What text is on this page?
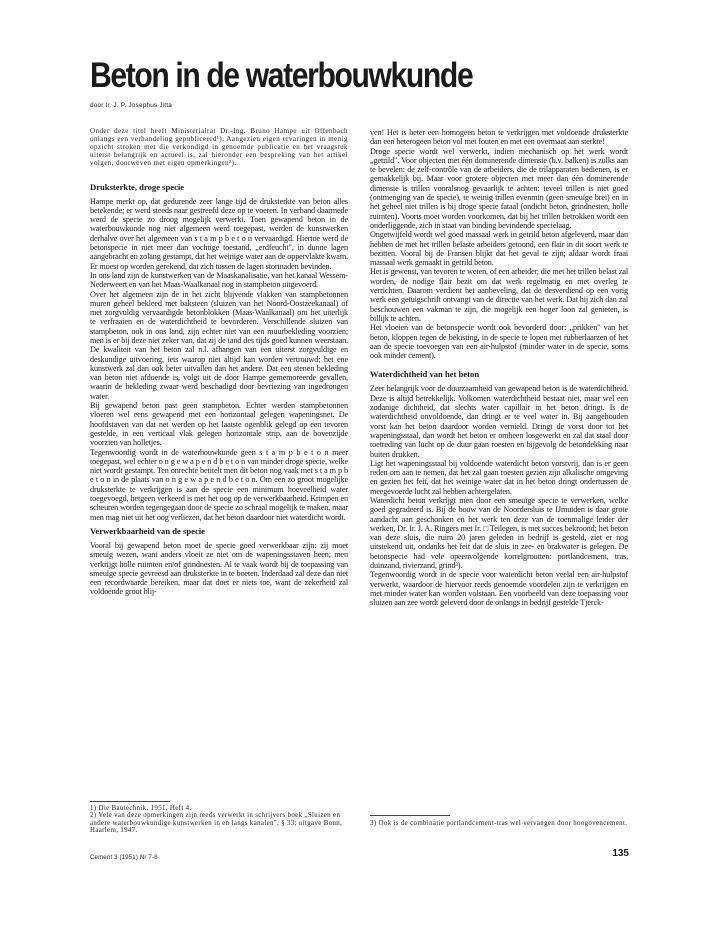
Beton in de waterbouwkunde
door Ir. J. P. Josephus Jitta

Onder deze titel heeft Ministerialrat Dr.-Ing. Bruno Hampe uit Offenbach onlangs een verhandeling gepubliceerd¹). Aangezien eigen ervaringen in menig opzicht stroken met die verkondigd in genoemde publicatie en het vraagstuk uiterst belangrijk en actueel is, zal hieronder een bespreking van het artikel volgen, doorweven met eigen opmerkingen²).

Druksterkte, droge specie

Hampe merkt op, dat gedurende zeer lange tijd de druksterkte van beton alles betekende; er werd steeds naar gestreefd deze op te voeren. In verband daarmede werd de specie zo droog mogelijk verwerkt. Toen gewapend beton in de waterbouwkunde nog niet algemeen werd toegepast, werden de kunstwerken derhalve over het algemeen van s t a m p b e t o n vervaardigd. Hiertoe werd de betonspecie in niet meer dan vochtige toestand, „erdfeucht", in dunne lagen aangebracht en zolang gestampt, dat het weinige water aan de oppervlakte kwam. Er moest op worden gerekend, dat zich tussen de lagen stortnaden bevinden.

In ons land zijn de kunstwerken van de Maaskanalisatie, van het kanaal Wessem-Nederweert en van het Maas-Waalkanaal nog in stampbeton uitgevoerd.

Over het algemeen zijn de in het zicht blijvende vlakken van stampbetonnen muren geheel bekleed met baksteen (sluizen van het Noord-Oostzeekanaal) of met zorgvuldig vervaardigde betonblokken (Maas-Waalkanaal) om het uiterlijk te verfraaien en de waterdichtheid te bevorderen. Verschillende sluizen van stampbeton, ook in ons land, zijn echter niet van een muurbekleding voorzien; men is er bij deze niet zeker van, dat zij de tand des tijds goed kunnen weerstaan. De kwaliteit van het beton zal n.l. afhangen van een uiterst zorgvuldige en deskundige uitvoering, iets waarop niet altijd kan worden vertrouwd; het ene kunstwerk zal dan ook beter uitvallen dan het andere. Dat een stenen bekleding van beton niet afdoende is, volgt uit de door Hampe gememoreerde gevallen, waarin de bekleding zwaar werd beschadigd door bevriezing van ingedrongen water.

Bij gewapend beton past geen stampbeton. Echter werden stampbetonnen vloeren wel eens gewapend met een horizontaal gelegen wapeningsnet. De hoofdstaven van dat net werden op het laatste ogenblik gelegd op een tevoren gestelde, in een verticaal vlak gelegen horizontale strip, aan de bovenzijde voorzien van holletjes.

Tegenwoordig wordt in de waterbouwkunde geen s t a m p b e t o n meer toegepast, wel echter o n g e w a p e n d b e t o n van minder droge specie, welke niet wordt gestampt. Ten onrechte betitelt men dit beton nog vaak met s t a m p b e t o n in de plaats van o n g e w a p e n d b e t o n. Om een zo groot mogelijke druksterkte te verkrijgen is aan de specie een minimum hoeveelheid water toegevoegd, hetgeen verkeerd is met het oog op de verwerkbaarheid. Krimpen en scheuren worden tegengegaan door de specie zo schraal mogelijk te maken, maar men mag niet uit het oog verliezen, dat het beton daardoor niet waterdicht wordt.

Verwerkbaarheid van de specie

Vooral bij gewapend beton moet de specie goed verwerkbaar zijn: zij moet smeuïg wezen, want anders vloeit ze niet om de wapeningsstaven heen; men verkrijgt holle ruimten en/of grindnesten. Al te vaak wordt bij de toepassing van smeuïge specie gevreesd aan druksterkte in te boeten. Inderdaad zal deze dan niet een recordwaarde bereiken, maar dat doet er niets toe, want de zekerheid zal voldoende groot blij-

ven! Het is beter een homogeen beton te verkrijgen met voldoende druksterkte dan een heterogeen beton vol met fouten en met een overmaat aan sterkte!

Droge specie wordt wel verwerkt, indien mechanisch op het werk wordt „getrild". Voor objecten met één dominerende dimensie (b.v. balken) is zulks aan te bevelen: de zelf-contrôle van de arbeiders, die de trilapparaten bedienen, is er gemakkelijk bij. Maar voor grotere objecten met meer dan één dominerende dimensie is trillen vooralsnog gevaarlijk te achten: teveel trillen is niet goed (ontmenging van de specie), te weinig trillen evenmin (geen smeuïge brei) en in het geheel niet trillen is bij droge specie fataal (ondicht beton, grindnesten, holle ruimten). Voorts moet worden voorkomen, dat bij het trillen betrokken wordt een onderliggende, zich in staat van binding bevindende specielaag.

Ongetwijfeld wordt wel goed massaal werk in getrild beton afgeleverd, maar dan hebben de met het trillen belaste arbeiders getoond, een flair in dit soort werk te bezitten. Vooral bij de Fransen blijkt dat het geval te zijn; aldaar wordt fraai massaal werk gemaakt in getrild beton.

Het is gewenst, van tevoren te weten, of een arbeider, die met het trillen belast zal worden, de nodige flair bezit om dat werk regelmatig en met overleg te verrichten. Daarom verdient het aanbeveling, dat de desverdiend op een vorig werk een getuigschrift ontvangt van de directie van het werk. Dat hij zich dan zal beschouwen een vakman te zijn, die mogelijk een hoger loon zal genieten, is billijk te achten.

Het vloeien van de betonspecie wordt ook bevorderd door: „prikken" van het beton, kloppen tegen de bekisting, in de specie te lopen met rubberlaarzen of het aan de specie toevoegen van een air-hulpstof (minder water in de specie, soms ook minder cement).

Waterdichtheid van het beton

Zeer belangrijk voor de duurzaamheid van gewapend beton is de waterdichtheid. Deze is altijd betrekkelijk. Volkomen waterdichtheid bestaat niet, maar wel een zodanige dichtheid, dat slechts water capillair in het beton dringt. Is de waterdichtheid onvoldoende, dan dringt er te veel water in. Bij aangehouden vorst kan het beton daardoor worden vernield. Dringt de vorst door tot het wapeningsstaal, dan wordt het beton er omheen losgewerkt en zal dat staal door toetreding van lucht op de duur gaan roesten en bijgevolg de betondekking naar buiten drukken.

Ligt het wapeningsstaal bij voldoende waterdicht beton vorstvrij, dan is er geen reden om aan te nemen, dat het zal gaan roesten gezien zijn alkalische omgeving en gezien het feit, dat het weinige water dat in het beton dringt ondertussen de meegevoerde lucht zal hebben achtergelaten.

Waterdicht beton verkrijgt men door een smeuïge specie te verwerken, welke goed gegradeerd is. Bij de bouw van de Noordersluis te IJmuiden is daar grote aandacht aan geschonken en het werk ten deze van de toenmalige leider der werken, Dr. Ir. J. A. Ringers met Ir. □ Teilegen, is met succes bekroond; het beton van deze sluis, die ruim 20 jaren geleden in bedrijf is gesteld, ziet er nog uitstekend uit, ondanks het feit dat de sluis in zee- en brakwater is gelegen. De betonspecie had vele opeenvolgende korrelgrootten: portlandcement, tras, duinzand, rivierzand, grind³).

Tegenwoordig wordt in de specie voor waterdicht beton veelal een air-hulpstof verwerkt, waardoor de hiervoor reeds genoemde voordelen zijn te verkrijgen en met minder water kan worden volstaan. Een voorbeeld van deze toepassing voor sluizen aan zee wordt geleverd door de onlangs in bedrijf gestelde Tjerck-

1) Die Bautechnik, 1951, Heft 4.

2) Vele van deze opmerkingen zijn reeds verwerkt in schrijvers boek „Sluizen en andere waterbouwkundige kunstwerken in en langs kanalen", § 33; uitgave Bonn, Haarlem, 1947.

3) Ook is de combinatie portlandcement-tras wel vervangen door hoogovencement.

Cement 3 (1951) Nr 7-8	135
